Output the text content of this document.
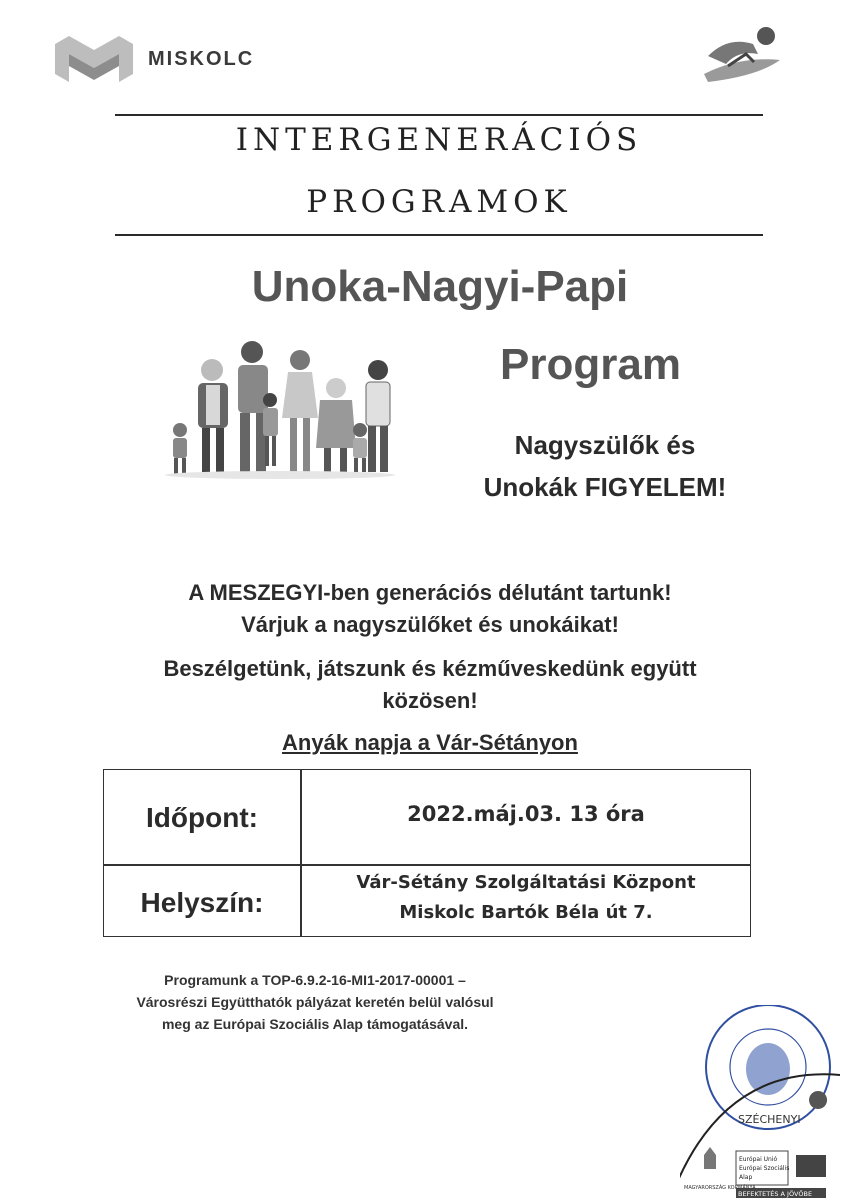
MISKOLC
INTERGENERÁCIÓS
PROGRAMOK
Unoka-Nagyi-Papi
Program
Nagyszülők és
Unokák FIGYELEM!
A MESZEGYI-ben generációs délutánt tartunk!
Várjuk a nagyszülőket és unokáikat!
Beszélgetünk, játszunk és kézműveskedünk együtt
közösen!
Anyák napja a Vár-Sétányon
Időpont:	2022.máj.03. 13 óra
Helyszín:
Vár-Sétány Szolgáltatási Központ
Miskolc Bartók Béla út 7.
Programunk a TOP-6.9.2-16-MI1-2017-00001 –
Városrészi Együtthatók pályázat keretén belül valósul
meg az Európai Szociális Alap támogatásával.
SZÉCHENYI
Európai Unió
Európai Szociális
Alap
BEFEKTETÉS A JÖVŐBE
MAGYARORSZÁG KORMÁNYA
